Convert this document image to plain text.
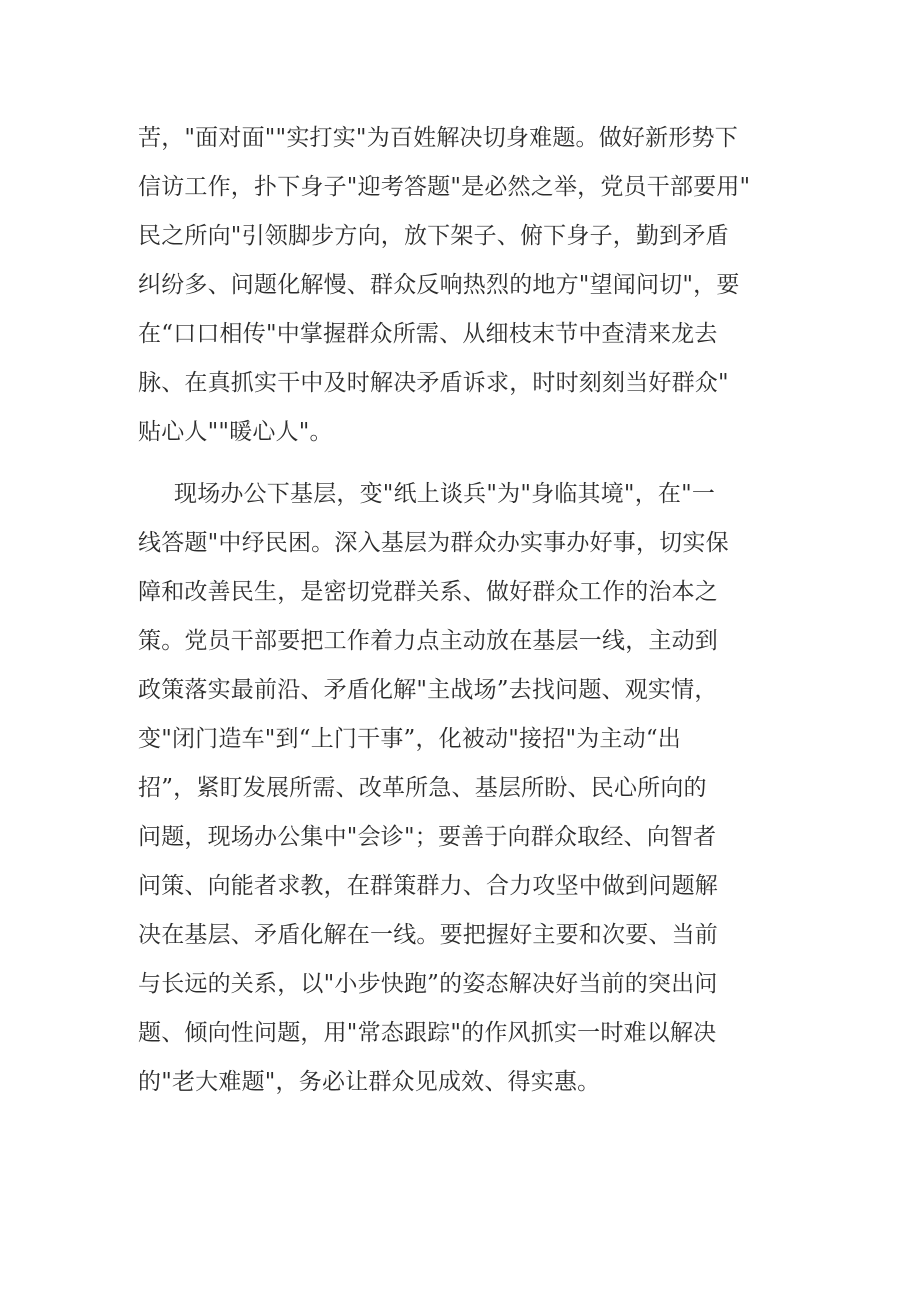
苦，"面对面""实打实"为百姓解决切身难题。做好新形势下
信访工作，扑下身子"迎考答题"是必然之举，党员干部要用"
民之所向"引领脚步方向，放下架子、俯下身子，勤到矛盾
纠纷多、问题化解慢、群众反响热烈的地方"望闻问切"，要
在“口口相传"中掌握群众所需、从细枝末节中查清来龙去
脉、在真抓实干中及时解决矛盾诉求，时时刻刻当好群众"
贴心人""暖心人"。
现场办公下基层，变"纸上谈兵"为"身临其境"，在"一
线答题"中纾民困。深入基层为群众办实事办好事，切实保
障和改善民生，是密切党群关系、做好群众工作的治本之
策。党员干部要把工作着力点主动放在基层一线，主动到
政策落实最前沿、矛盾化解"主战场”去找问题、观实情，
变"闭门造车"到“上门干事”，化被动"接招"为主动“出
招”，紧盯发展所需、改革所急、基层所盼、民心所向的
问题，现场办公集中"会诊"；要善于向群众取经、向智者
问策、向能者求教，在群策群力、合力攻坚中做到问题解
决在基层、矛盾化解在一线。要把握好主要和次要、当前
与长远的关系，以"小步快跑”的姿态解决好当前的突出问
题、倾向性问题，用"常态跟踪"的作风抓实一时难以解决
的"老大难题"，务必让群众见成效、得实惠。
